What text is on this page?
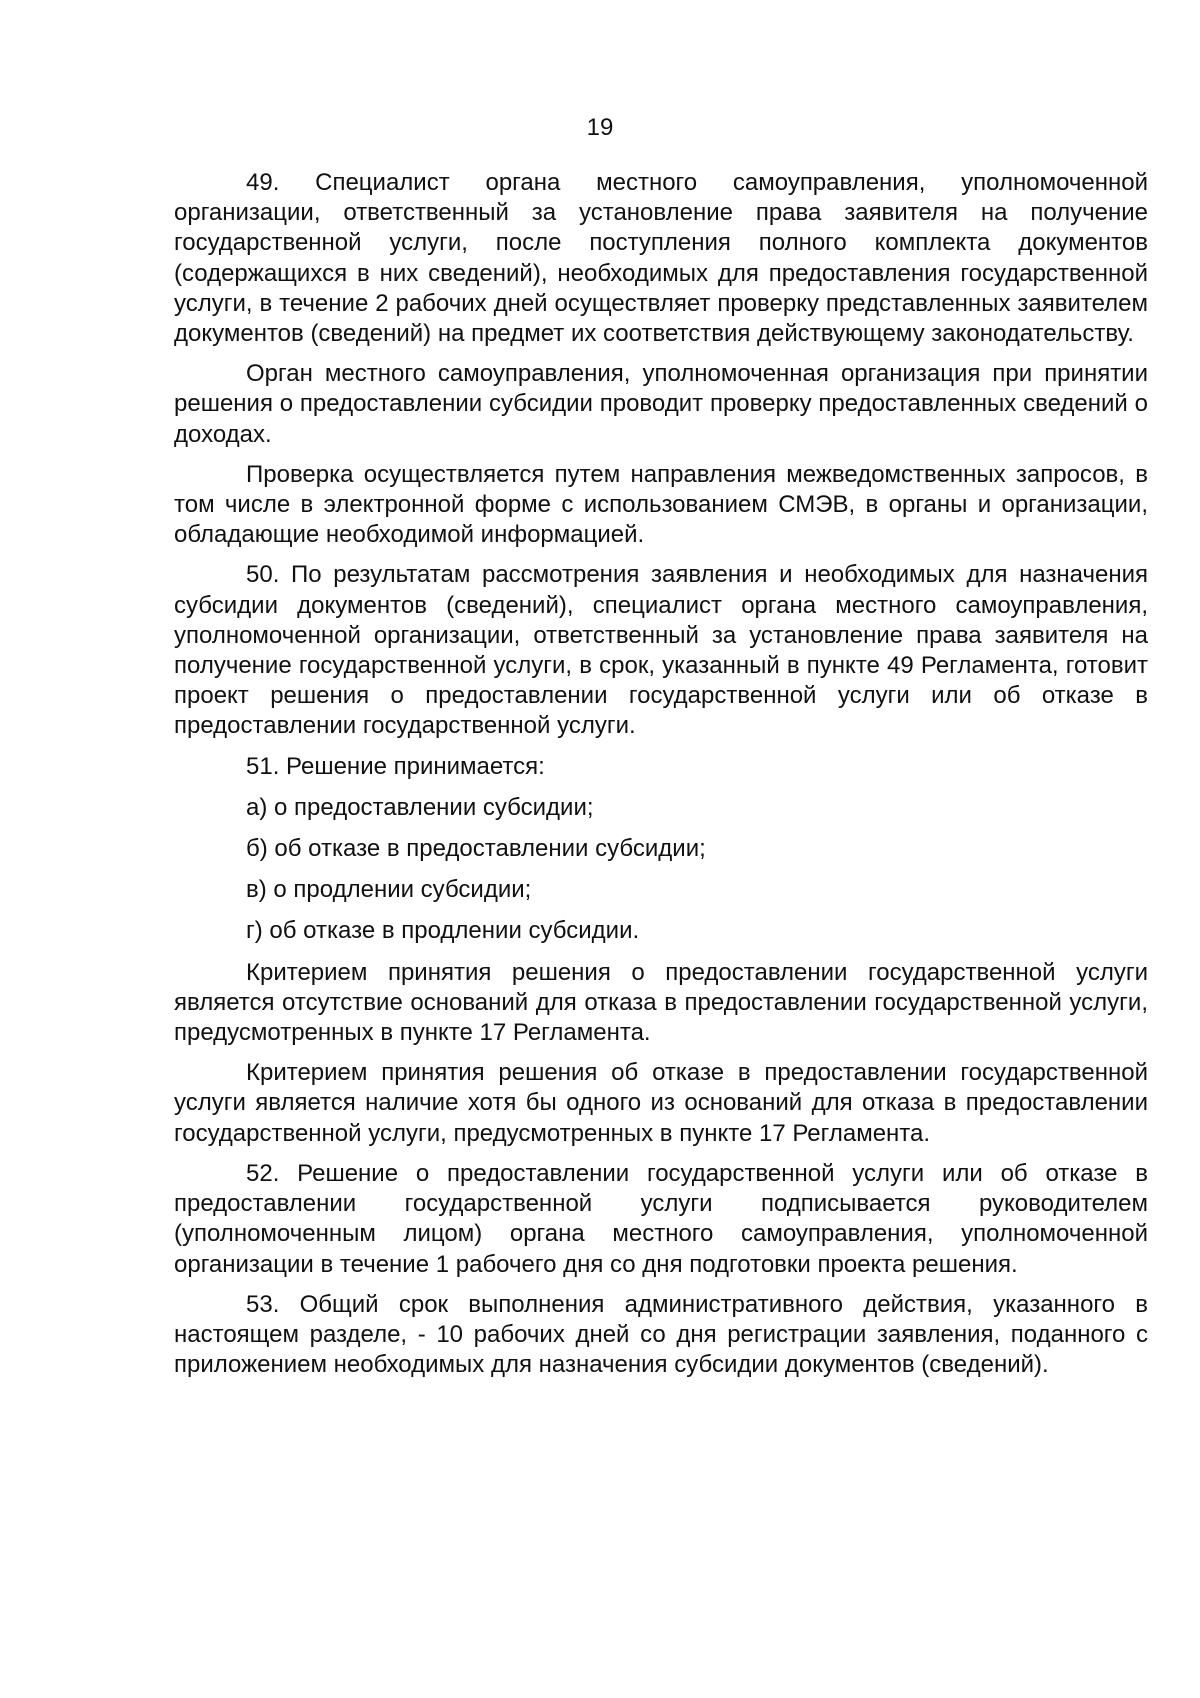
19

49. Специалист органа местного самоуправления, уполномоченной организации, ответственный за установление права заявителя на получение государственной услуги, после поступления полного комплекта документов (содержащихся в них сведений), необходимых для предоставления государственной услуги, в течение 2 рабочих дней осуществляет проверку представленных заявителем документов (сведений) на предмет их соответствия действующему законодательству.

Орган местного самоуправления, уполномоченная организация при принятии решения о предоставлении субсидии проводит проверку предоставленных сведений о доходах.

Проверка осуществляется путем направления межведомственных запросов, в том числе в электронной форме с использованием СМЭВ, в органы и организации, обладающие необходимой информацией.

50. По результатам рассмотрения заявления и необходимых для назначения субсидии документов (сведений), специалист органа местного самоуправления, уполномоченной организации, ответственный за установление права заявителя на получение государственной услуги, в срок, указанный в пункте 49 Регламента, готовит проект решения о предоставлении государственной услуги или об отказе в предоставлении государственной услуги.

51. Решение принимается:

а) о предоставлении субсидии;

б) об отказе в предоставлении субсидии;

в) о продлении субсидии;

г) об отказе в продлении субсидии.

Критерием принятия решения о предоставлении государственной услуги является отсутствие оснований для отказа в предоставлении государственной услуги, предусмотренных в пункте 17 Регламента.

Критерием принятия решения об отказе в предоставлении государственной услуги является наличие хотя бы одного из оснований для отказа в предоставлении государственной услуги, предусмотренных в пункте 17 Регламента.

52. Решение о предоставлении государственной услуги или об отказе в предоставлении государственной услуги подписывается руководителем (уполномоченным лицом) органа местного самоуправления, уполномоченной организации в течение 1 рабочего дня со дня подготовки проекта решения.

53. Общий срок выполнения административного действия, указанного в настоящем разделе, - 10 рабочих дней со дня регистрации заявления, поданного с приложением необходимых для назначения субсидии документов (сведений).
